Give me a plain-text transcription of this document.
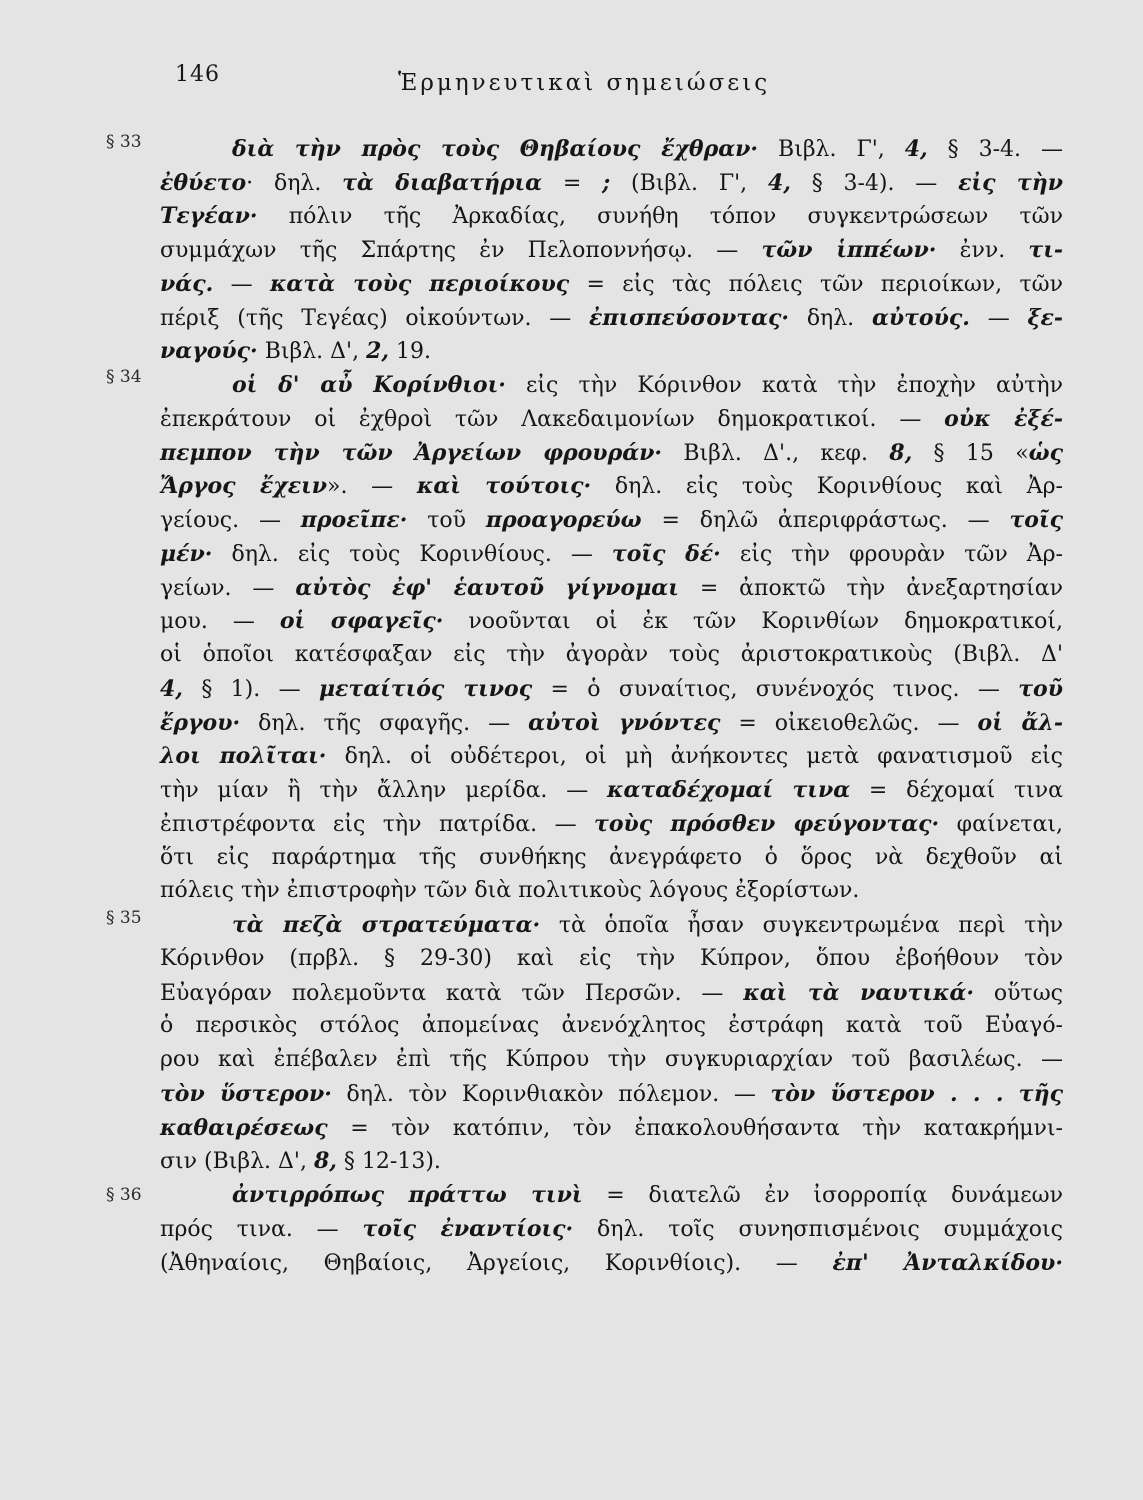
146	Ἑρμηνευτικαὶ σημειώσεις
§ 33
§ 34
§ 35
§ 36
διὰ τὴν πρὸς τοὺς Θηβαίους ἔχθραν· Βιβλ. Γ', 4, § 3-4. —
ἐθύετο· δηλ. τὰ διαβατήρια = ; (Βιβλ. Γ', 4, § 3-4). — εἰς τὴν
Τεγέαν· πόλιν τῆς Ἀρκαδίας, συνήθη τόπον συγκεντρώσεων τῶν
συμμάχων τῆς Σπάρτης ἐν Πελοποννήσῳ. — τῶν ἱππέων· ἐνν. τι-
νάς. — κατὰ τοὺς περιοίκους = εἰς τὰς πόλεις τῶν περιοίκων, τῶν
πέριξ (τῆς Τεγέας) οἰκούντων. — ἐπισπεύσοντας· δηλ. αὐτούς. — ξε-
ναγούς· Βιβλ. Δ', 2, 19.
οἱ δ' αὖ Κορίνθιοι· εἰς τὴν Κόρινθον κατὰ τὴν ἐποχὴν αὐτὴν
ἐπεκράτουν οἱ ἐχθροὶ τῶν Λακεδαιμονίων δημοκρατικοί. — οὐκ ἐξέ-
πεμπον τὴν τῶν Ἀργείων φρουράν· Βιβλ. Δ'., κεφ. 8, § 15 «ὡς
Ἄργος ἔχειν». — καὶ τούτοις· δηλ. εἰς τοὺς Κορινθίους καὶ Ἀρ-
γείους. — προεῖπε· τοῦ προαγορεύω = δηλῶ ἀπεριφράστως. — τοῖς
μέν· δηλ. εἰς τοὺς Κορινθίους. — τοῖς δέ· εἰς τὴν φρουρὰν τῶν Ἀρ-
γείων. — αὐτὸς ἐφ' ἑαυτοῦ γίγνομαι = ἀποκτῶ τὴν ἀνεξαρτησίαν
μου. — οἱ σφαγεῖς· νοοῦνται οἱ ἐκ τῶν Κορινθίων δημοκρατικοί,
οἱ ὁποῖοι κατέσφαξαν εἰς τὴν ἀγορὰν τοὺς ἀριστοκρατικοὺς (Βιβλ. Δ'
4, § 1). — μεταίτιός τινος = ὁ συναίτιος, συνένοχός τινος. — τοῦ
ἔργου· δηλ. τῆς σφαγῆς. — αὐτοὶ γνόντες = οἰκειοθελῶς. — οἱ ἄλ-
λοι πολῖται· δηλ. οἱ οὐδέτεροι, οἱ μὴ ἀνήκοντες μετὰ φανατισμοῦ εἰς
τὴν μίαν ἢ τὴν ἄλλην μερίδα. — καταδέχομαί τινα = δέχομαί τινα
ἐπιστρέφοντα εἰς τὴν πατρίδα. — τοὺς πρόσθεν φεύγοντας· φαίνεται,
ὅτι εἰς παράρτημα τῆς συνθήκης ἀνεγράφετο ὁ ὅρος νὰ δεχθοῦν αἱ
πόλεις τὴν ἐπιστροφὴν τῶν διὰ πολιτικοὺς λόγους ἐξορίστων.
τὰ πεζὰ στρατεύματα· τὰ ὁποῖα ἦσαν συγκεντρωμένα περὶ τὴν
Κόρινθον (πρβλ. § 29-30) καὶ εἰς τὴν Κύπρον, ὅπου ἐβοήθουν τὸν
Εὐαγόραν πολεμοῦντα κατὰ τῶν Περσῶν. — καὶ τὰ ναυτικά· οὕτως
ὁ περσικὸς στόλος ἀπομείνας ἀνενόχλητος ἐστράφη κατὰ τοῦ Εὐαγό-
ρου καὶ ἐπέβαλεν ἐπὶ τῆς Κύπρου τὴν συγκυριαρχίαν τοῦ βασιλέως. —
τὸν ὕστερον· δηλ. τὸν Κορινθιακὸν πόλεμον. — τὸν ὕστερον . . . τῆς
καθαιρέσεως = τὸν κατόπιν, τὸν ἐπακολουθήσαντα τὴν κατακρήμνι-
σιν (Βιβλ. Δ', 8, § 12-13).
ἀντιρρόπως πράττω τινὶ = διατελῶ ἐν ἰσορροπίᾳ δυνάμεων
πρός τινα. — τοῖς ἐναντίοις· δηλ. τοῖς συνησπισμένοις συμμάχοις
(Ἀθηναίοις, Θηβαίοις, Ἀργείοις, Κορινθίοις). — ἐπ' Ἀνταλκίδου·
